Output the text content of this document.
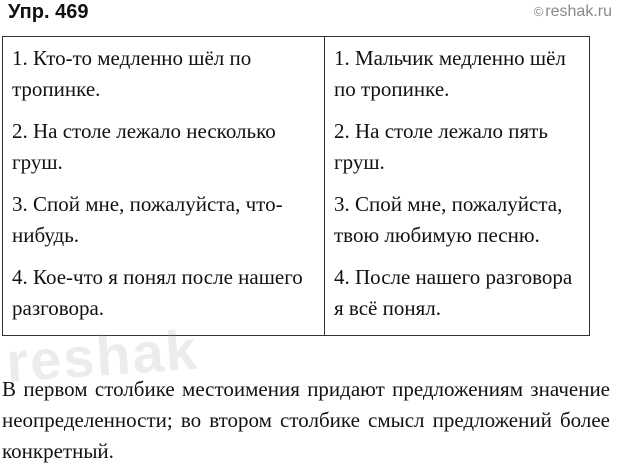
Упр. 469	© reshak.ru
1. Кто-то медленно шёл по тропинке.
2. На столе лежало несколько груш.
3. Спой мне, пожалуйста, что-нибудь.
4. Кое-что я понял после нашего разговора.

1. Мальчик медленно шёл по тропинке.
2. На столе лежало пять груш.
3. Спой мне, пожалуйста, твою любимую песню.
4. После нашего разговора я всё понял.
reshak
В первом столбике местоимения придают предложениям значение неопределенности; во втором столбике смысл предложений более конкретный.
